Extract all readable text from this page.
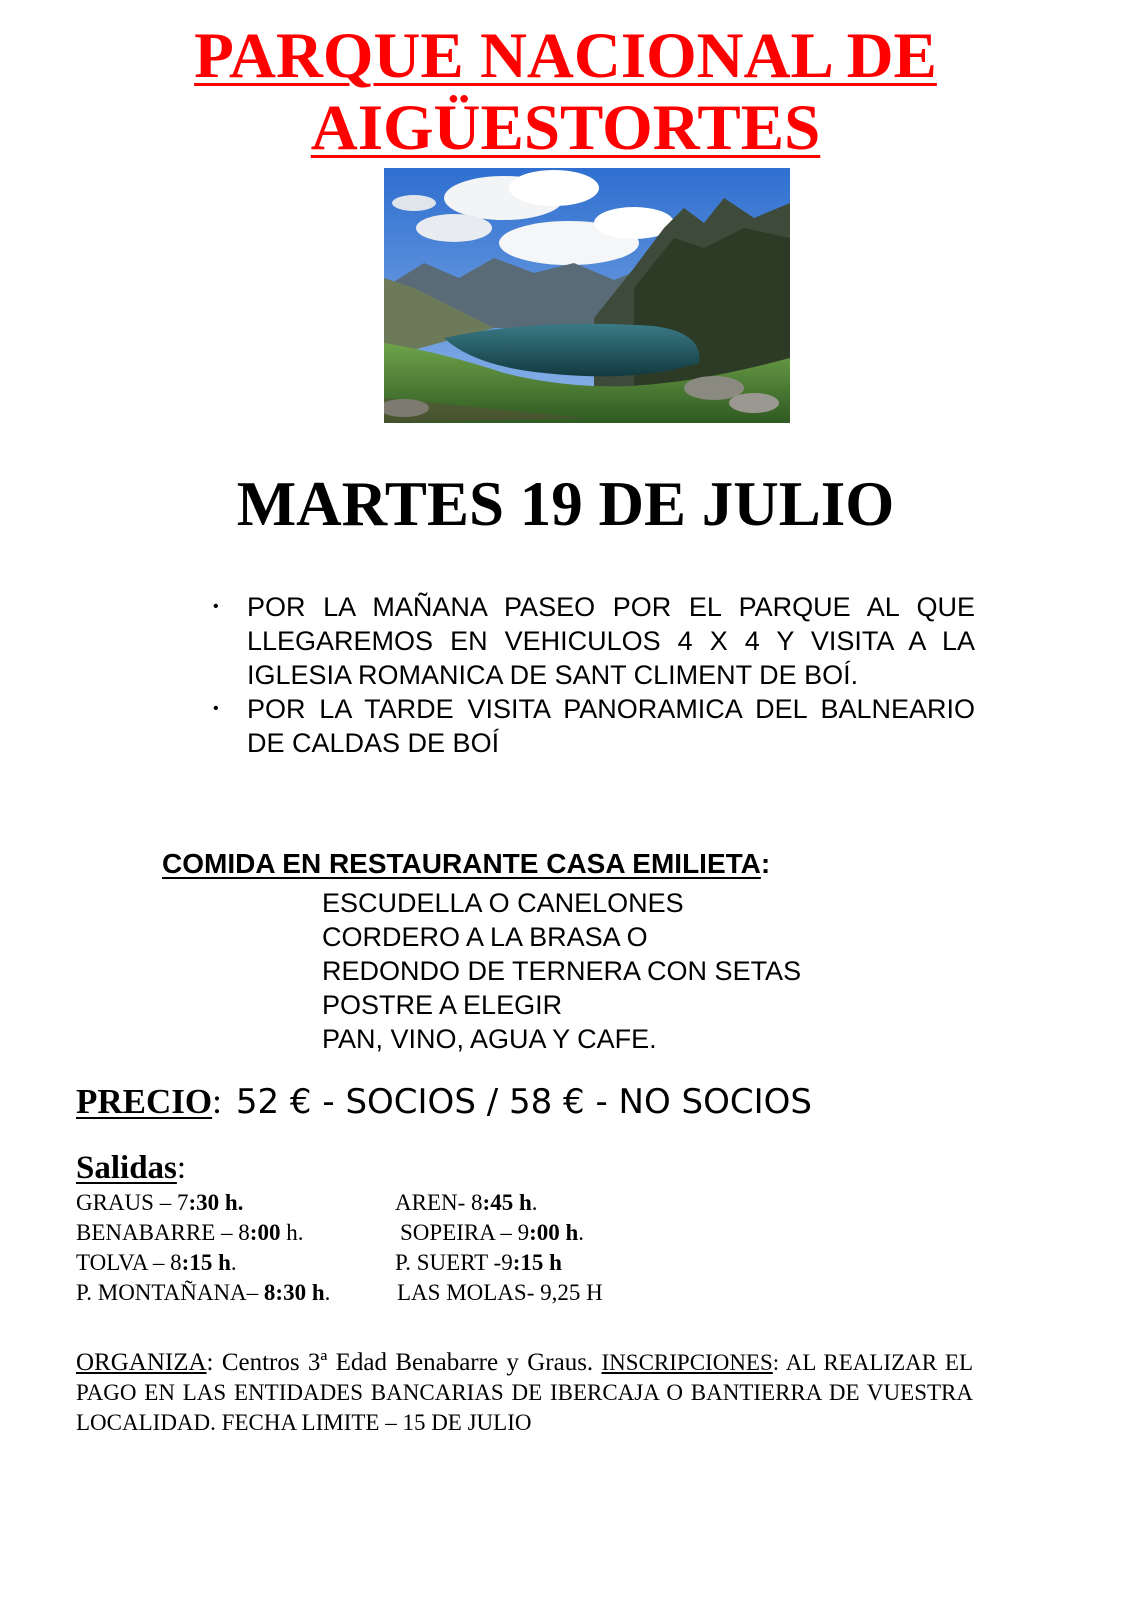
PARQUE NACIONAL DE
AIGÜESTORTES
MARTES 19 DE JULIO
• POR LA MAÑANA PASEO POR EL PARQUE AL QUE LLEGAREMOS EN VEHICULOS 4 X 4 Y VISITA A LA IGLESIA ROMANICA DE SANT CLIMENT DE BOÍ.
• POR LA TARDE VISITA PANORAMICA DEL BALNEARIO DE CALDAS DE BOÍ
COMIDA EN RESTAURANTE CASA EMILIETA:
ESCUDELLA O CANELONES
CORDERO A LA BRASA O
REDONDO DE TERNERA CON SETAS
POSTRE A ELEGIR
PAN, VINO, AGUA Y CAFE.
PRECIO: 52 € - SOCIOS / 58 € - NO SOCIOS
Salidas:
GRAUS – 7:30 h.
BENABARRE – 8:00 h.
TOLVA – 8:15 h.
P. MONTAÑANA– 8:30 h.
AREN- 8:45 h.
SOPEIRA – 9:00 h.
P. SUERT -9:15 h
LAS MOLAS- 9,25 H
ORGANIZA: Centros 3ª Edad Benabarre y Graus. INSCRIPCIONES: AL REALIZAR EL PAGO EN LAS ENTIDADES BANCARIAS DE IBERCAJA O BANTIERRA DE VUESTRA LOCALIDAD. FECHA LIMITE – 15 DE JULIO
